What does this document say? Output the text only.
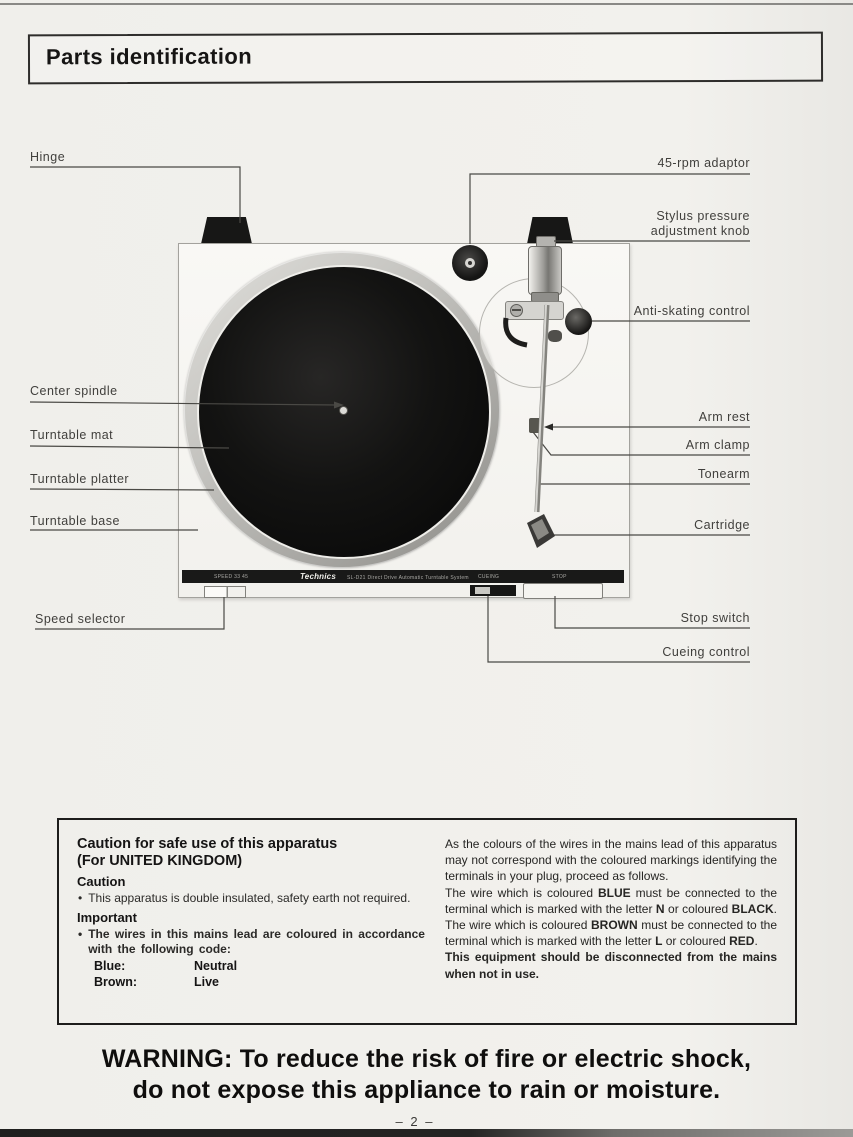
Parts identification
SPEED 33 45	Technics SL-D21 Direct Drive Automatic Turntable System CUEING	STOP
Hinge
Center spindle
Turntable mat
Turntable platter
Turntable base
Speed selector
45-rpm adaptor
Stylus pressure
adjustment knob
Anti-skating control
Arm rest
Arm clamp
Tonearm
Cartridge
Stop switch
Cueing control
Caution for safe use of this apparatus
(For UNITED KINGDOM)
Caution
• This apparatus is double insulated, safety earth not required.
Important
• The wires in this mains lead are coloured in accordance with the following code:
Blue:	Neutral
Brown:	Live

As the colours of the wires in the mains lead of this apparatus may not correspond with the coloured markings identifying the terminals in your plug, proceed as follows.

The wire which is coloured BLUE must be connected to the terminal which is marked with the letter N or coloured BLACK. The wire which is coloured BROWN must be connected to the terminal which is marked with the letter L or coloured RED.

This equipment should be disconnected from the mains when not in use.

WARNING: To reduce the risk of fire or electric shock,
do not expose this appliance to rain or moisture.
– 2 –
